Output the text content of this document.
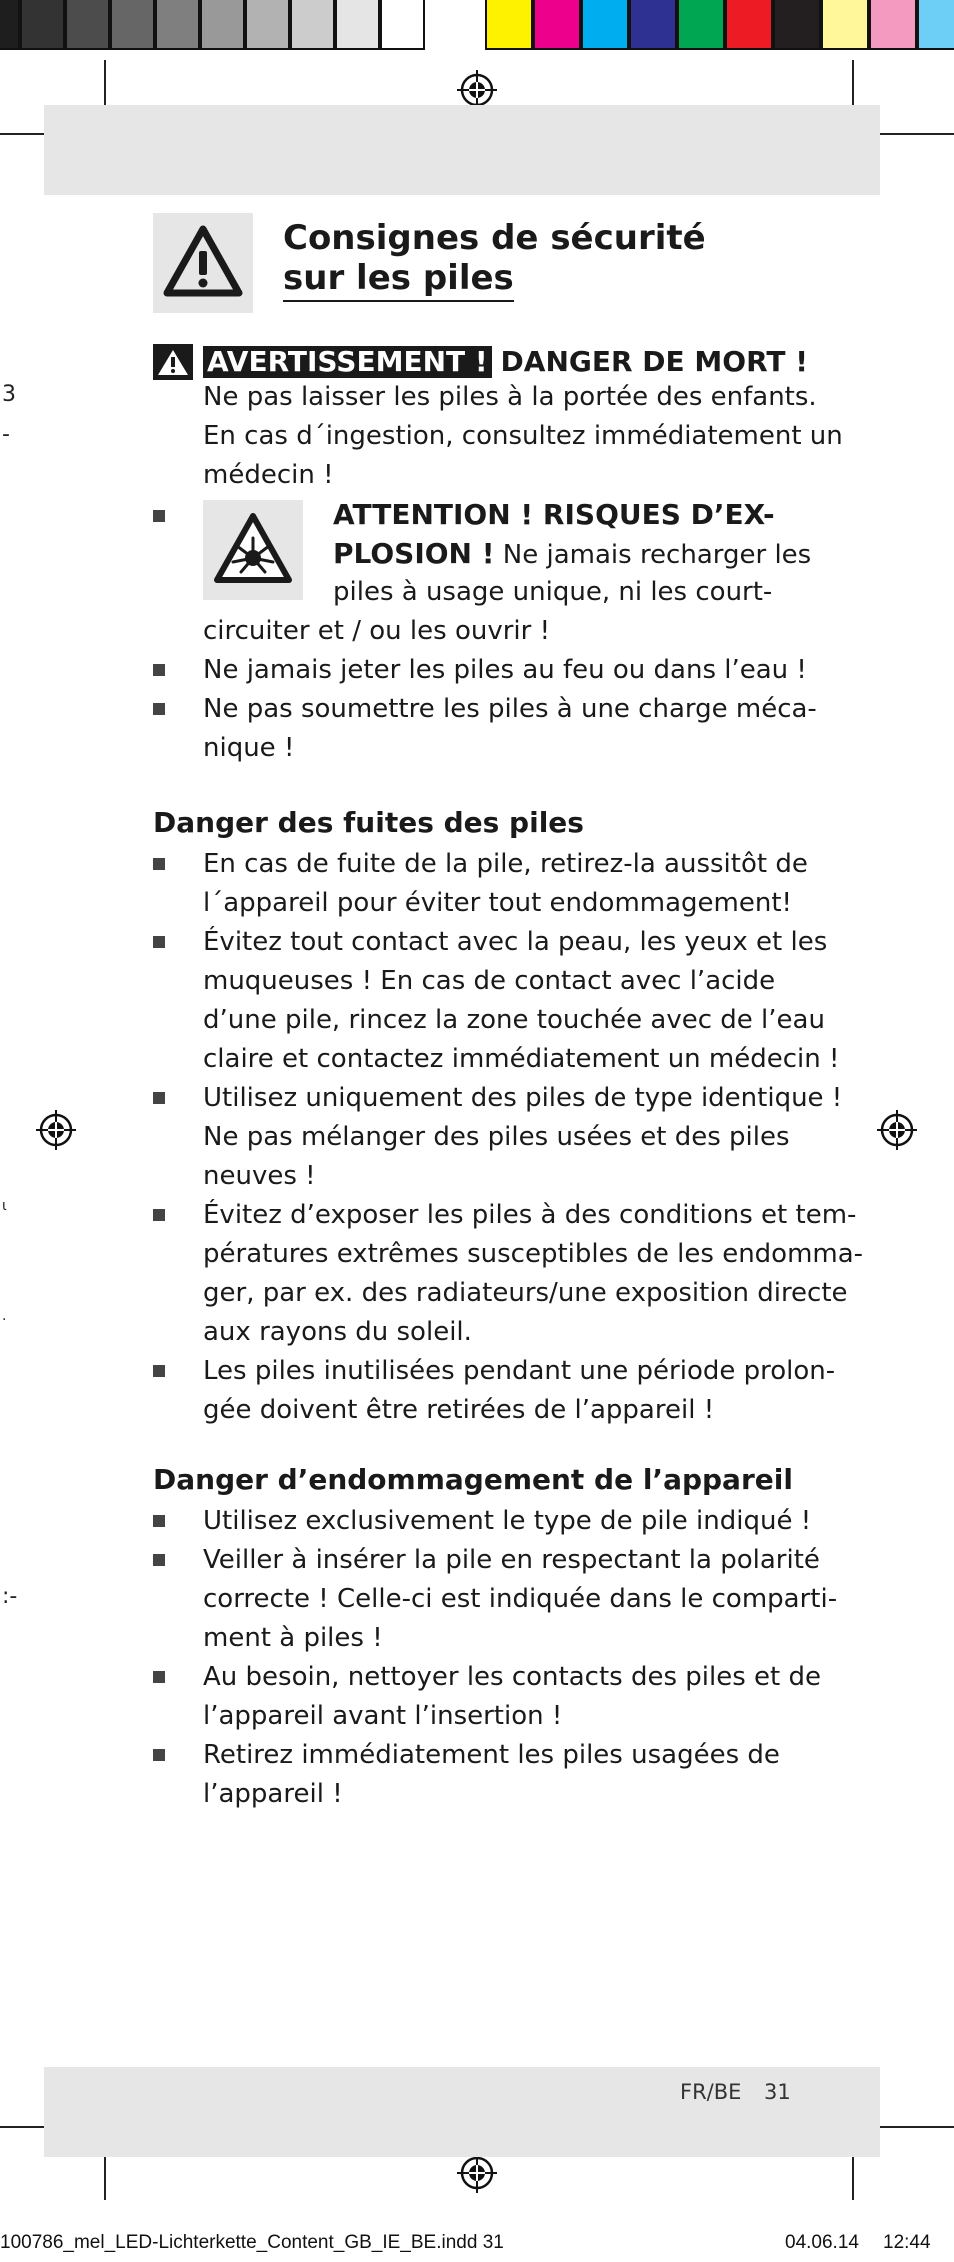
3
-
ι
·
:-
Consignes de sécurité
sur les piles
AVERTISSEMENT ! DANGER DE MORT !
Ne pas laisser les piles à la portée des enfants.
En cas d´ingestion, consultez immédiatement un
médecin !
ATTENTION ! RISQUES D’EX-
PLOSION ! Ne jamais recharger les
piles à usage unique, ni les court-
circuiter et / ou les ouvrir !
Ne jamais jeter les piles au feu ou dans l’eau !
Ne pas soumettre les piles à une charge méca-
nique !
Danger des fuites des piles
En cas de fuite de la pile, retirez-la aussitôt de
l´appareil pour éviter tout endommagement!
Évitez tout contact avec la peau, les yeux et les
muqueuses ! En cas de contact avec l’acide
d’une pile, rincez la zone touchée avec de l’eau
claire et contactez immédiatement un médecin !
Utilisez uniquement des piles de type identique !
Ne pas mélanger des piles usées et des piles
neuves !
Évitez d’exposer les piles à des conditions et tem-
pératures extrêmes susceptibles de les endomma-
ger, par ex. des radiateurs/une exposition directe
aux rayons du soleil.
Les piles inutilisées pendant une période prolon-
gée doivent être retirées de l’appareil !
Danger d’endommagement de l’appareil
Utilisez exclusivement le type de pile indiqué !
Veiller à insérer la pile en respectant la polarité
correcte ! Celle-ci est indiquée dans le comparti-
ment à piles !
Au besoin, nettoyer les contacts des piles et de
l’appareil avant l’insertion !
Retirez immédiatement les piles usagées de
l’appareil !
FR/BE 31
100786_mel_LED-Lichterkette_Content_GB_IE_BE.indd 31	04.06.14 12:44
